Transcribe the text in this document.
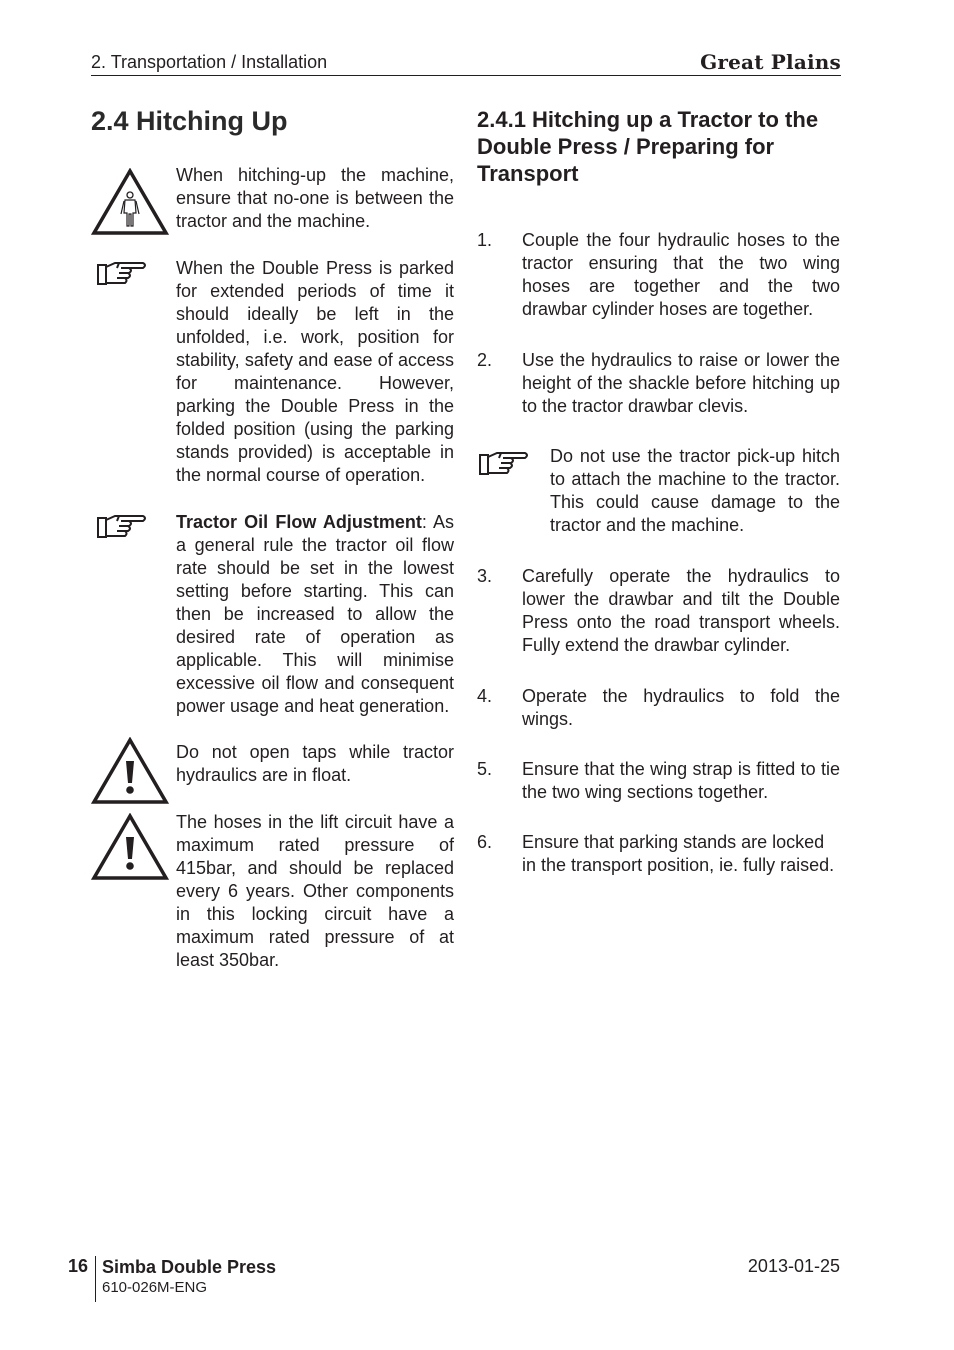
2. Transportation / Installation	Great Plains
2.4 Hitching Up
When hitching-up the machine, ensure that no-one is between the tractor and the machine.
When the Double Press is parked for extended periods of time it should ideally be left in the unfolded, i.e. work, position for stability, safety and ease of access for maintenance. However, parking the Double Press in the folded position (using the parking stands provided) is acceptable in the normal course of operation.
Tractor Oil Flow Adjustment: As a general rule the tractor oil flow rate should be set in the lowest setting before starting. This can then be increased to allow the desired rate of operation as applicable. This will minimise excessive oil flow and consequent power usage and heat generation.
Do not open taps while tractor hydraulics are in float.
The hoses in the lift circuit have a maximum rated pressure of 415bar, and should be replaced every 6 years. Other components in this locking circuit have a maximum rated pressure of at least 350bar.
2.4.1 Hitching up a Tractor to the Double Press / Preparing for Transport
1. Couple the four hydraulic hoses to the tractor ensuring that the two wing hoses are together and the two drawbar cylinder hoses are together.
2. Use the hydraulics to raise or lower the height of the shackle before hitching up to the tractor drawbar clevis.
Do not use the tractor pick-up hitch to attach the machine to the tractor. This could cause damage to the tractor and the machine.
3. Carefully operate the hydraulics to lower the drawbar and tilt the Double Press onto the road transport wheels. Fully extend the drawbar cylinder.
4. Operate the hydraulics to fold the wings.
5. Ensure that the wing strap is fitted to tie the two wing sections together.
6. Ensure that parking stands are locked in the transport position, ie. fully raised.
16 Simba Double Press
610-026M-ENG
2013-01-25
